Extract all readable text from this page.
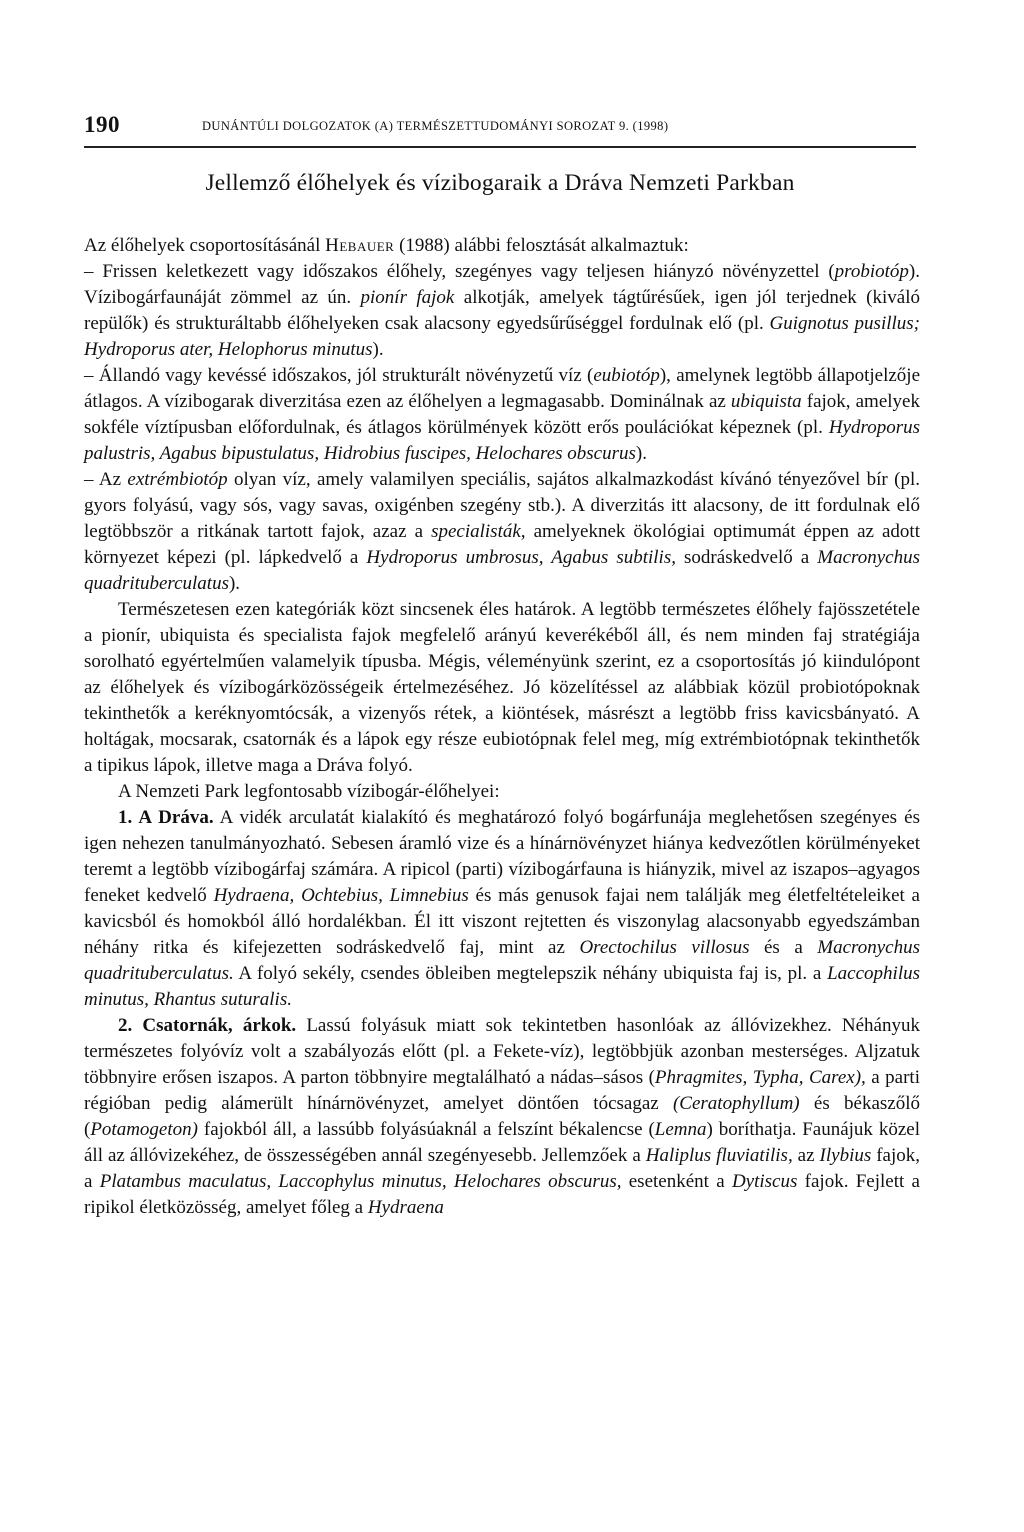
190	DUNÁNTÚLI DOLGOZATOK (A) TERMÉSZETTUDOMÁNYI SOROZAT 9. (1998)
Jellemző élőhelyek és vízibogaraik a Dráva Nemzeti Parkban

Az élőhelyek csoportosításánál Hebauer (1988) alábbi felosztását alkalmaztuk:

– Frissen keletkezett vagy időszakos élőhely, szegényes vagy teljesen hiányzó növényzettel (probiotóp). Vízibogárfaunáját zömmel az ún. pionír fajok alkotják, amelyek tágtűrésűek, igen jól terjednek (kiváló repülők) és strukturáltabb élőhelyeken csak alacsony egyedsűrűséggel fordulnak elő (pl. Guignotus pusillus; Hydroporus ater, Helophorus minutus).

– Állandó vagy kevéssé időszakos, jól strukturált növényzetű víz (eubiotóp), amelynek legtöbb állapotjelzője átlagos. A vízibogarak diverzitása ezen az élőhelyen a legmagasabb. Dominálnak az ubiquista fajok, amelyek sokféle víztípusban előfordulnak, és átlagos körülmények között erős poulációkat képeznek (pl. Hydroporus palustris, Agabus bipustulatus, Hidrobius fuscipes, Helochares obscurus).

– Az extrémbiotóp olyan víz, amely valamilyen speciális, sajátos alkalmazkodást kívánó tényezővel bír (pl. gyors folyású, vagy sós, vagy savas, oxigénben szegény stb.). A diverzitás itt alacsony, de itt fordulnak elő legtöbbször a ritkának tartott fajok, azaz a specialisták, amelyeknek ökológiai optimumát éppen az adott környezet képezi (pl. lápkedvelő a Hydroporus umbrosus, Agabus subtilis, sodráskedvelő a Macronychus quadrituberculatus).

Természetesen ezen kategóriák közt sincsenek éles határok. A legtöbb természetes élőhely fajösszetétele a pionír, ubiquista és specialista fajok megfelelő arányú keverékéből áll, és nem minden faj stratégiája sorolható egyértelműen valamelyik típusba. Mégis, véleményünk szerint, ez a csoportosítás jó kiindulópont az élőhelyek és vízibogárközösségeik értelmezéséhez. Jó közelítéssel az alábbiak közül probiotópoknak tekinthetők a keréknyomtócsák, a vizenyős rétek, a kiöntések, másrészt a legtöbb friss kavicsbányató. A holtágak, mocsarak, csatornák és a lápok egy része eubiotópnak felel meg, míg extrémbiotópnak tekinthetők a tipikus lápok, illetve maga a Dráva folyó.

A Nemzeti Park legfontosabb vízibogár-élőhelyei:

1. A Dráva. A vidék arculatát kialakító és meghatározó folyó bogárfunája meglehetősen szegényes és igen nehezen tanulmányozható. Sebesen áramló vize és a hínárnövényzet hiánya kedvezőtlen körülményeket teremt a legtöbb vízibogárfaj számára. A ripicol (parti) vízibogárfauna is hiányzik, mivel az iszapos–agyagos feneket kedvelő Hydraena, Ochtebius, Limnebius és más genusok fajai nem találják meg életfeltételeiket a kavicsból és homokból álló hordalékban. Él itt viszont rejtetten és viszonylag alacsonyabb egyedszámban néhány ritka és kifejezetten sodráskedvelő faj, mint az Orectochilus villosus és a Macronychus quadrituberculatus. A folyó sekély, csendes öbleiben megtelepszik néhány ubiquista faj is, pl. a Laccophilus minutus, Rhantus suturalis.

2. Csatornák, árkok. Lassú folyásuk miatt sok tekintetben hasonlóak az állóvizekhez. Néhányuk természetes folyóvíz volt a szabályozás előtt (pl. a Fekete-víz), legtöbbjük azonban mesterséges. Aljzatuk többnyire erősen iszapos. A parton többnyire megtalálható a nádas–sásos (Phragmites, Typha, Carex), a parti régióban pedig alámerült hínárnövényzet, amelyet döntően tócsagaz (Ceratophyllum) és békaszőlő (Potamogeton) fajokból áll, a lassúbb folyásúaknál a felszínt békalencse (Lemna) boríthatja. Faunájuk közel áll az állóvizekéhez, de összességében annál szegényesebb. Jellemzőek a Haliplus fluviatilis, az Ilybius fajok, a Platambus maculatus, Laccophylus minutus, Helochares obscurus, esetenként a Dytiscus fajok. Fejlett a ripikol életközösség, amelyet főleg a Hydraena
